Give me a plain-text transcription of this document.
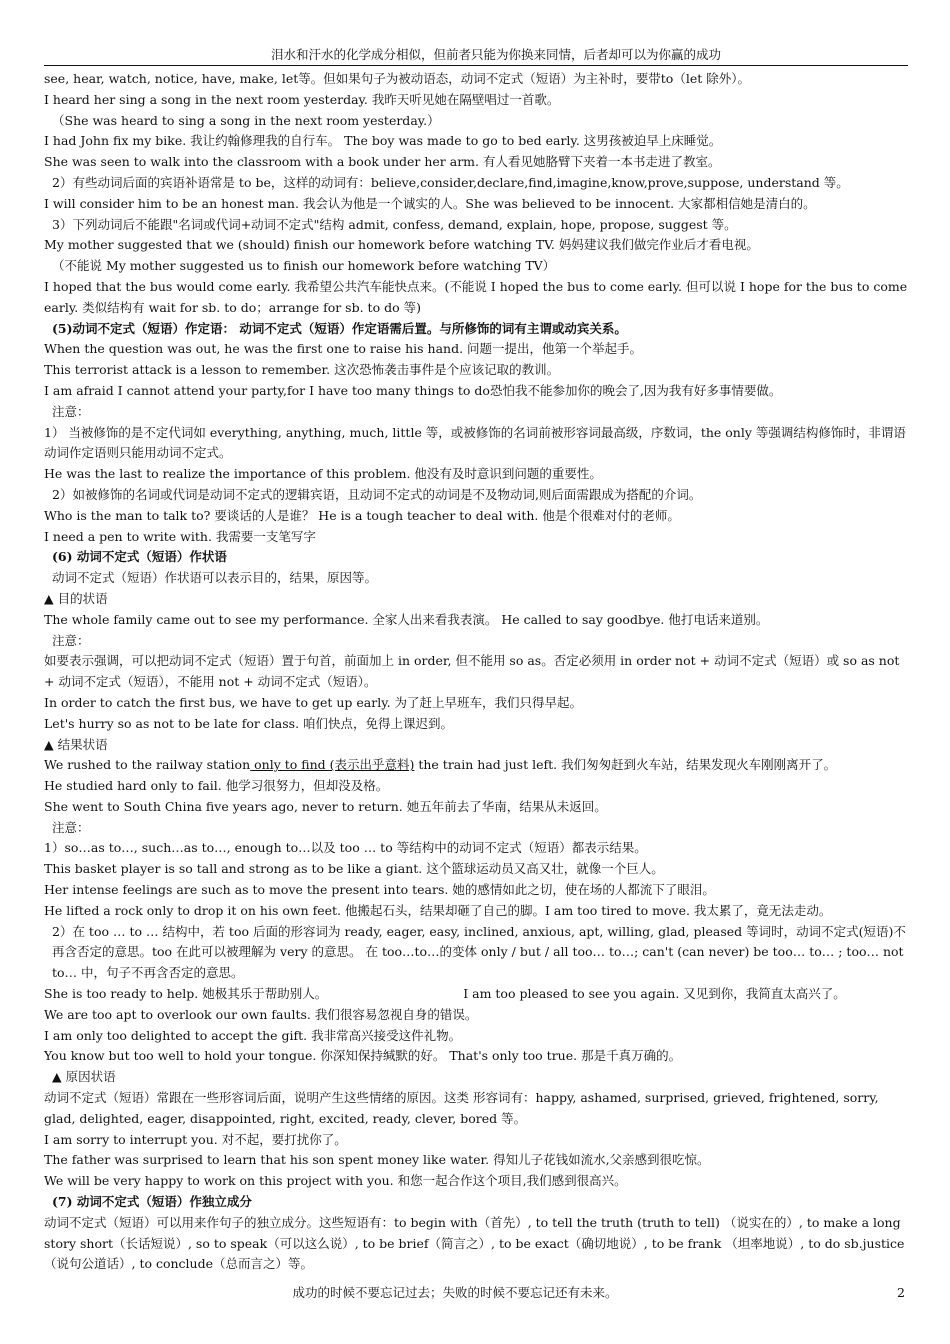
泪水和汗水的化学成分相似，但前者只能为你换来同情，后者却可以为你赢的成功

see, hear, watch, notice, have, make, let等。但如果句子为被动语态，动词不定式（短语）为主补时，要带to（let 除外）。

I heard her sing a song in the next room yesterday. 我昨天听见她在隔壁唱过一首歌。

（She was heard to sing a song in the next room yesterday.）

I had John fix my bike. 我让约翰修理我的自行车。 The boy was made to go to bed early. 这男孩被迫早上床睡觉。

She was seen to walk into the classroom with a book under her arm. 有人看见她胳臂下夹着一本书走进了教室。

2）有些动词后面的宾语补语常是 to be，这样的动词有：believe,consider,declare,find,imagine,know,prove,suppose, understand 等。

I will consider him to be an honest man. 我会认为他是一个诚实的人。She was believed to be innocent. 大家都相信她是清白的。

3）下列动词后不能跟"名词或代词+动词不定式"结构 admit, confess, demand, explain, hope, propose, suggest 等。

My mother suggested that we (should) finish our homework before watching TV. 妈妈建议我们做完作业后才看电视。

（不能说 My mother suggested us to finish our homework before watching TV）

I hoped that the bus would come early. 我希望公共汽车能快点来。(不能说 I hoped the bus to come early. 但可以说 I hope for the bus to come early. 类似结构有 wait for sb. to do；arrange for sb. to do 等)

(5)动词不定式（短语）作定语： 动词不定式（短语）作定语需后置。与所修饰的词有主谓或动宾关系。

When the question was out, he was the first one to raise his hand. 问题一提出，他第一个举起手。

This terrorist attack is a lesson to remember. 这次恐怖袭击事件是个应该记取的教训。

I am afraid I cannot attend your party,for I have too many things to do恐怕我不能参加你的晚会了,因为我有好多事情要做。

注意：

1） 当被修饰的是不定代词如 everything, anything, much, little 等，或被修饰的名词前被形容词最高级，序数词，the only 等强调结构修饰时，非谓语动词作定语则只能用动词不定式。

He was the last to realize the importance of this problem. 他没有及时意识到问题的重要性。

2）如被修饰的名词或代词是动词不定式的逻辑宾语，且动词不定式的动词是不及物动词,则后面需跟成为搭配的介词。

Who is the man to talk to? 要谈话的人是谁？ He is a tough teacher to deal with. 他是个很难对付的老师。

I need a pen to write with. 我需要一支笔写字

(6) 动词不定式（短语）作状语

动词不定式（短语）作状语可以表示目的，结果，原因等。

▲ 目的状语

The whole family came out to see my performance. 全家人出来看我表演。 He called to say goodbye. 他打电话来道别。

注意：

如要表示强调，可以把动词不定式（短语）置于句首，前面加上 in order, 但不能用 so as。否定必须用 in order not + 动词不定式（短语）或 so as not + 动词不定式（短语），不能用 not + 动词不定式（短语）。

In order to catch the first bus, we have to get up early. 为了赶上早班车，我们只得早起。

Let's hurry so as not to be late for class. 咱们快点，免得上课迟到。

▲ 结果状语

We rushed to the railway station only to find (表示出乎意料) the train had just left. 我们匆匆赶到火车站，结果发现火车刚刚离开了。

He studied hard only to fail. 他学习很努力，但却没及格。

She went to South China five years ago, never to return. 她五年前去了华南，结果从未返回。

注意：

1）so…as to…, such…as to…, enough to…以及 too … to 等结构中的动词不定式（短语）都表示结果。

This basket player is so tall and strong as to be like a giant. 这个篮球运动员又高又壮，就像一个巨人。

Her intense feelings are such as to move the present into tears. 她的感情如此之切，使在场的人都流下了眼泪。

He lifted a rock only to drop it on his own feet. 他搬起石头，结果却砸了自己的脚。I am too tired to move. 我太累了，竟无法走动。

2）在 too … to … 结构中，若 too 后面的形容词为 ready, eager, easy, inclined, anxious, apt, willing, glad, pleased 等词时，动词不定式(短语)不再含否定的意思。too 在此可以被理解为 very 的意思。 在 too…to…的变体 only / but / all too… to…; can't (can never) be too… to… ; too… not to… 中，句子不再含否定的意思。

She is too ready to help. 她极其乐于帮助别人。	I am too pleased to see you again. 又见到你，我简直太高兴了。

We are too apt to overlook our own faults. 我们很容易忽视自身的错误。

I am only too delighted to accept the gift. 我非常高兴接受这件礼物。

You know but too well to hold your tongue. 你深知保持缄默的好。 That's only too true. 那是千真万确的。

▲ 原因状语

动词不定式（短语）常跟在一些形容词后面，说明产生这些情绪的原因。这类 形容词有：happy, ashamed, surprised, grieved, frightened, sorry, glad, delighted, eager, disappointed, right, excited, ready, clever, bored 等。

I am sorry to interrupt you. 对不起，要打扰你了。

The father was surprised to learn that his son spent money like water. 得知儿子花钱如流水,父亲感到很吃惊。

We will be very happy to work on this project with you. 和您一起合作这个项目,我们感到很高兴。

(7) 动词不定式（短语）作独立成分

动词不定式（短语）可以用来作句子的独立成分。这些短语有：to begin with（首先）, to tell the truth (truth to tell) （说实在的）, to make a long story short（长话短说）, so to speak（可以这么说）, to be brief（简言之）, to be exact（确切地说）, to be frank （坦率地说）, to do sb.justice（说句公道话）, to conclude（总而言之）等。

成功的时候不要忘记过去；失败的时候不要忘记还有未来。	2
